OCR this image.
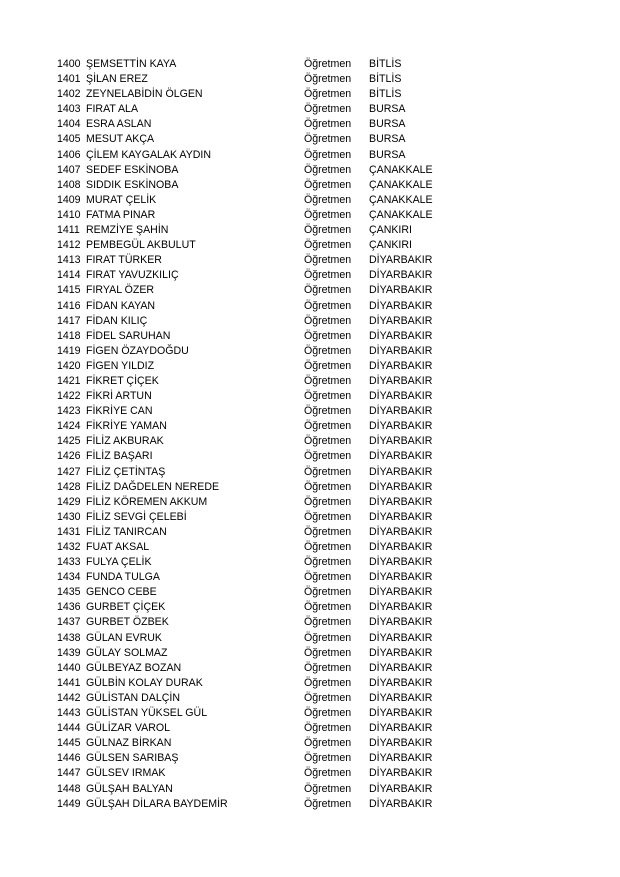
1400 ŞEMSETTİN KAYA	Öğretmen BİTLİS
1401 ŞİLAN EREZ	Öğretmen BİTLİS
1402 ZEYNELABİDİN ÖLGEN	Öğretmen BİTLİS
1403 FIRAT ALA	Öğretmen BURSA
1404 ESRA ASLAN	Öğretmen BURSA
1405 MESUT AKÇA	Öğretmen BURSA
1406 ÇİLEM KAYGALAK AYDIN	Öğretmen BURSA
1407 SEDEF ESKİNOBA	Öğretmen ÇANAKKALE
1408 SIDDIK ESKİNOBA	Öğretmen ÇANAKKALE
1409 MURAT ÇELİK	Öğretmen ÇANAKKALE
1410 FATMA PINAR	Öğretmen ÇANAKKALE
1411 REMZİYE ŞAHİN	Öğretmen ÇANKIRI
1412 PEMBEGÜL AKBULUT	Öğretmen ÇANKIRI
1413 FIRAT TÜRKER	Öğretmen DİYARBAKIR
1414 FIRAT YAVUZKILIÇ	Öğretmen DİYARBAKIR
1415 FIRYAL ÖZER	Öğretmen DİYARBAKIR
1416 FİDAN KAYAN	Öğretmen DİYARBAKIR
1417 FİDAN KILIÇ	Öğretmen DİYARBAKIR
1418 FİDEL SARUHAN	Öğretmen DİYARBAKIR
1419 FİGEN ÖZAYDOĞDU	Öğretmen DİYARBAKIR
1420 FİGEN YILDIZ	Öğretmen DİYARBAKIR
1421 FİKRET ÇİÇEK	Öğretmen DİYARBAKIR
1422 FİKRİ ARTUN	Öğretmen DİYARBAKIR
1423 FİKRİYE CAN	Öğretmen DİYARBAKIR
1424 FİKRİYE YAMAN	Öğretmen DİYARBAKIR
1425 FİLİZ AKBURAK	Öğretmen DİYARBAKIR
1426 FİLİZ BAŞARI	Öğretmen DİYARBAKIR
1427 FİLİZ ÇETİNTAŞ	Öğretmen DİYARBAKIR
1428 FİLİZ DAĞDELEN NEREDE	Öğretmen DİYARBAKIR
1429 FİLİZ KÖREMEN AKKUM	Öğretmen DİYARBAKIR
1430 FİLİZ SEVGİ ÇELEBİ	Öğretmen DİYARBAKIR
1431 FİLİZ TANIRCAN	Öğretmen DİYARBAKIR
1432 FUAT AKSAL	Öğretmen DİYARBAKIR
1433 FULYA ÇELİK	Öğretmen DİYARBAKIR
1434 FUNDA TULGA	Öğretmen DİYARBAKIR
1435 GENCO CEBE	Öğretmen DİYARBAKIR
1436 GURBET ÇİÇEK	Öğretmen DİYARBAKIR
1437 GURBET ÖZBEK	Öğretmen DİYARBAKIR
1438 GÜLAN EVRUK	Öğretmen DİYARBAKIR
1439 GÜLAY SOLMAZ	Öğretmen DİYARBAKIR
1440 GÜLBEYAZ BOZAN	Öğretmen DİYARBAKIR
1441 GÜLBİN KOLAY DURAK	Öğretmen DİYARBAKIR
1442 GÜLİSTAN DALÇİN	Öğretmen DİYARBAKIR
1443 GÜLİSTAN YÜKSEL GÜL	Öğretmen DİYARBAKIR
1444 GÜLİZAR VAROL	Öğretmen DİYARBAKIR
1445 GÜLNAZ BİRKAN	Öğretmen DİYARBAKIR
1446 GÜLSEN SARIBAŞ	Öğretmen DİYARBAKIR
1447 GÜLSEV IRMAK	Öğretmen DİYARBAKIR
1448 GÜLŞAH BALYAN	Öğretmen DİYARBAKIR
1449 GÜLŞAH DİLARA BAYDEMİR	Öğretmen DİYARBAKIR
